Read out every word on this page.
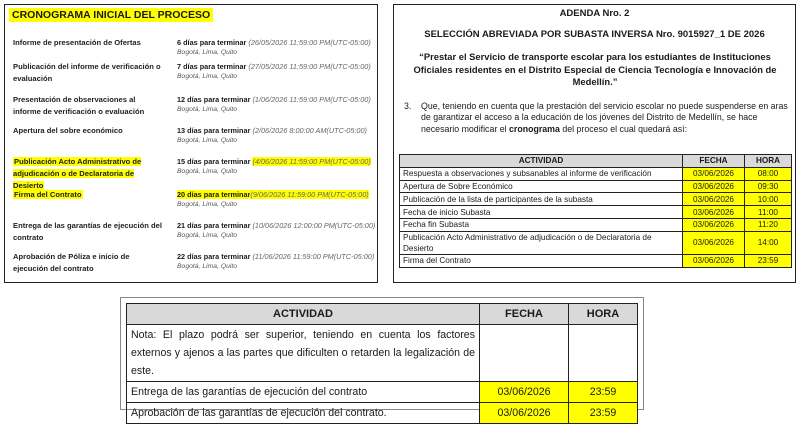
CRONOGRAMA INICIAL DEL PROCESO
Informe de presentación de Ofertas	6 días para terminar (26/05/2026 11:59:00 PM(UTC-05:00)
Bogotá, Lima, Quito
Publicación del informe de verificación o evaluación
7 días para terminar (27/05/2026 11:59:00 PM(UTC-05:00)
Bogotá, Lima, Quito
Presentación de observaciones al informe de verificación o evaluación
12 días para terminar (1/06/2026 11:59:00 PM(UTC-05:00)
Bogotá, Lima, Quito
Apertura del sobre económico	13 días para terminar (2/06/2026 8:00:00 AM(UTC-05:00)
Bogotá, Lima, Quito
Publicación Acto Administrativo de adjudicación o de Declaratoria de Desierto
15 días para terminar (4/06/2026 11:59:00 PM(UTC-05:00)
Bogotá, Lima, Quito
Firma del Contrato	20 días para terminar(9/06/2026 11:59:00 PM(UTC-05:00)
Bogotá, Lima, Quito
Entrega de las garantías de ejecución del contrato
21 días para terminar (10/06/2026 12:00:00 PM(UTC-05:00)
Bogotá, Lima, Quito
Aprobación de Póliza e inicio de ejecución del contrato
22 días para terminar (11/06/2026 11:59:00 PM(UTC-05:00)
Bogotá, Lima, Quito
ADENDA Nro. 2
SELECCIÓN ABREVIADA POR SUBASTA INVERSA Nro. 9015927_1 DE 2026
“Prestar el Servicio de transporte escolar para los estudiantes de Instituciones Oficiales residentes en el Distrito Especial de Ciencia Tecnología e Innovación de Medellín.”
3. Que, teniendo en cuenta que la prestación del servicio escolar no puede suspenderse en aras de garantizar el acceso a la educación de los jóvenes del Distrito de Medellín, se hace necesario modificar el cronograma del proceso el cual quedará así:
ACTIVIDAD	FECHA	HORA
Respuesta a observaciones y subsanables al informe de verificación	03/06/2026	08:00
Apertura de Sobre Económico	03/06/2026	09:30
Publicación de la lista de participantes de la subasta	03/06/2026	10:00
Fecha de inicio Subasta	03/06/2026	11:00
Fecha fin Subasta	03/06/2026	11:20
Publicación Acto Administrativo de adjudicación o de Declaratoria de Desierto	03/06/2026	14:00
Firma del Contrato	03/06/2026	23:59
ACTIVIDAD	FECHA	HORA
Nota: El plazo podrá ser superior, teniendo en cuenta los factores externos y ajenos a las partes que dificulten o retarden la legalización de este.		
Entrega de las garantías de ejecución del contrato	03/06/2026	23:59
Aprobación de las garantías de ejecución del contrato.	03/06/2026	23:59
